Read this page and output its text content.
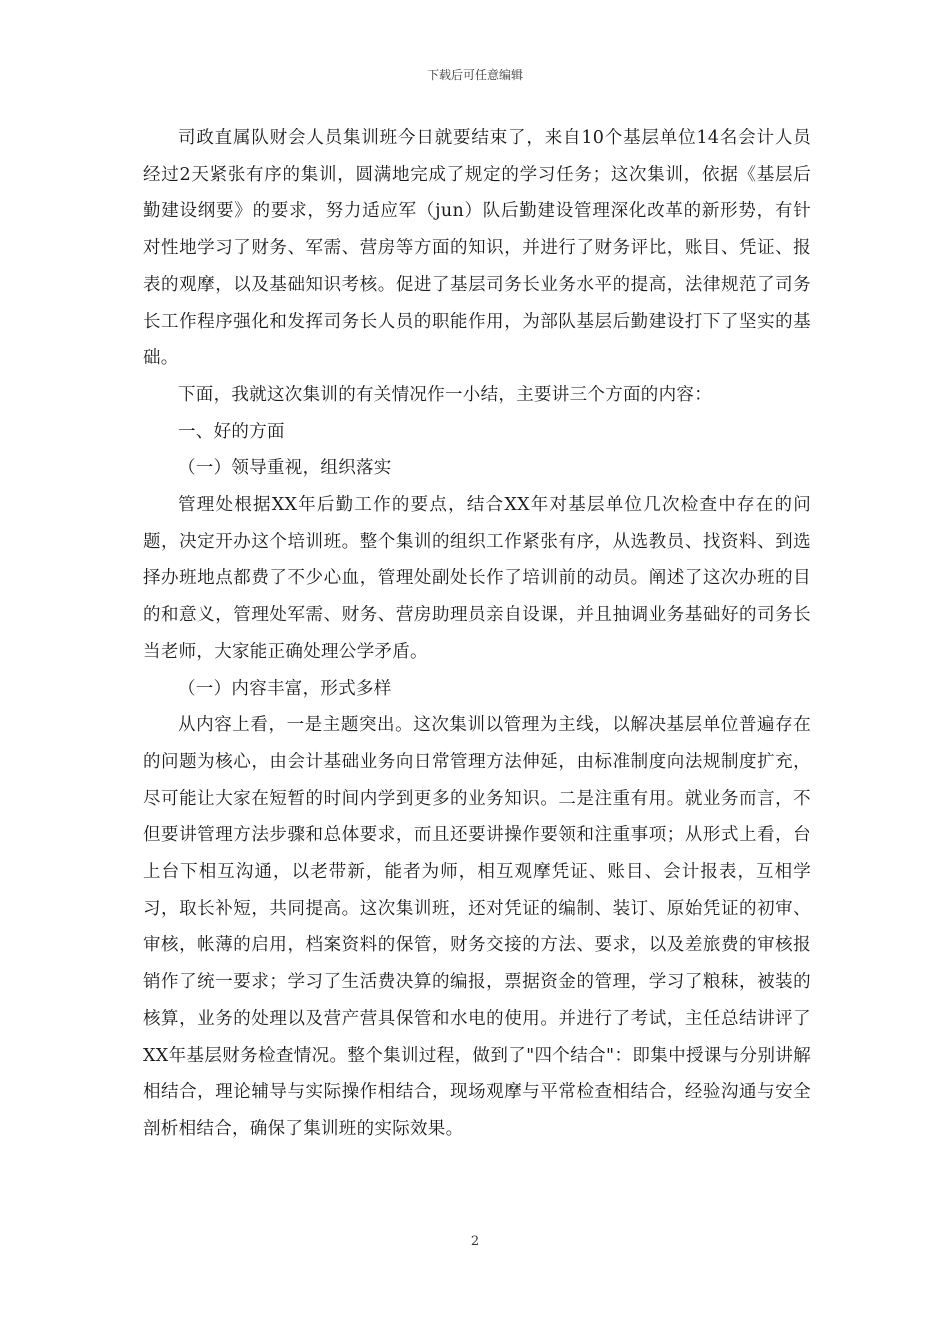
下载后可任意编辑

司政直属队财会人员集训班今日就要结束了，来自10个基层单位14名会计人员经过2天紧张有序的集训，圆满地完成了规定的学习任务；这次集训，依据《基层后勤建设纲要》的要求，努力适应军（jun）队后勤建设管理深化改革的新形势，有针对性地学习了财务、军需、营房等方面的知识，并进行了财务评比，账目、凭证、报表的观摩，以及基础知识考核。促进了基层司务长业务水平的提高，法律规范了司务长工作程序强化和发挥司务长人员的职能作用，为部队基层后勤建设打下了坚实的基础。

下面，我就这次集训的有关情况作一小结，主要讲三个方面的内容：

一、好的方面

（一）领导重视，组织落实

管理处根据XX年后勤工作的要点，结合XX年对基层单位几次检查中存在的问题，决定开办这个培训班。整个集训的组织工作紧张有序，从选教员、找资料、到选择办班地点都费了不少心血，管理处副处长作了培训前的动员。阐述了这次办班的目的和意义，管理处军需、财务、营房助理员亲自设课，并且抽调业务基础好的司务长当老师，大家能正确处理公学矛盾。

（一）内容丰富，形式多样

从内容上看，一是主题突出。这次集训以管理为主线，以解决基层单位普遍存在的问题为核心，由会计基础业务向日常管理方法伸延，由标准制度向法规制度扩充，尽可能让大家在短暂的时间内学到更多的业务知识。二是注重有用。就业务而言，不但要讲管理方法步骤和总体要求，而且还要讲操作要领和注重事项；从形式上看，台上台下相互沟通，以老带新，能者为师，相互观摩凭证、账目、会计报表，互相学习，取长补短，共同提高。这次集训班，还对凭证的编制、装订、原始凭证的初审、审核，帐薄的启用，档案资料的保管，财务交接的方法、要求，以及差旅费的审核报销作了统一要求；学习了生活费决算的编报，票据资金的管理，学习了粮秣，被装的核算，业务的处理以及营产营具保管和水电的使用。并进行了考试，主任总结讲评了XX年基层财务检查情况。整个集训过程，做到了"四个结合"：即集中授课与分别讲解相结合，理论辅导与实际操作相结合，现场观摩与平常检查相结合，经验沟通与安全剖析相结合，确保了集训班的实际效果。

2
